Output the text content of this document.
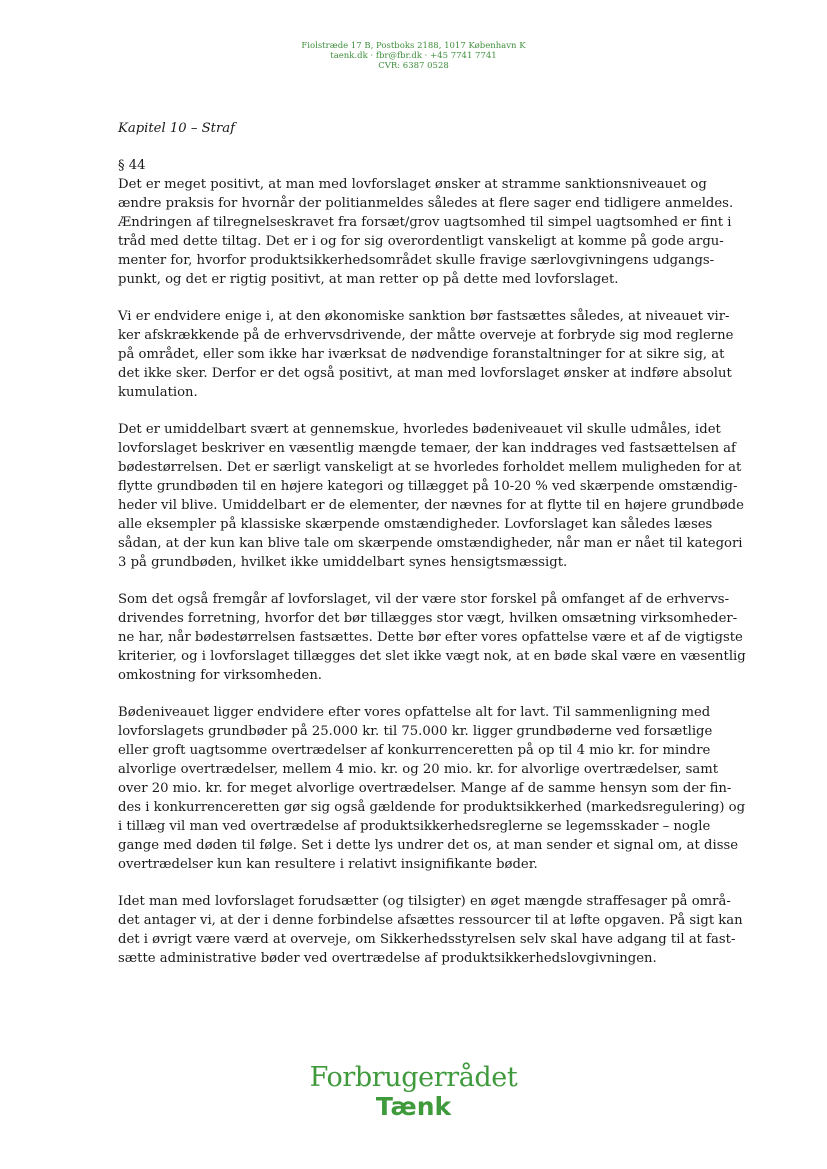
Fiolstræde 17 B, Postboks 2188, 1017 København K
taenk.dk · fbr@fbr.dk · +45 7741 7741
CVR: 6387 0528

Kapitel 10 – Straf

§ 44

Det er meget positivt, at man med lovforslaget ønsker at stramme sanktionsniveauet og
ændre praksis for hvornår der politianmeldes således at flere sager end tidligere anmeldes.
Ændringen af tilregnelseskravet fra forsæt/grov uagtsomhed til simpel uagtsomhed er fint i
tråd med dette tiltag. Det er i og for sig overordentligt vanskeligt at komme på gode argu-
menter for, hvorfor produktsikkerhedsområdet skulle fravige særlovgivningens udgangs-
punkt, og det er rigtig positivt, at man retter op på dette med lovforslaget.

Vi er endvidere enige i, at den økonomiske sanktion bør fastsættes således, at niveauet vir-
ker afskrækkende på de erhvervsdrivende, der måtte overveje at forbryde sig mod reglerne
på området, eller som ikke har iværksat de nødvendige foranstaltninger for at sikre sig, at
det ikke sker. Derfor er det også positivt, at man med lovforslaget ønsker at indføre absolut
kumulation.

Det er umiddelbart svært at gennemskue, hvorledes bødeniveauet vil skulle udmåles, idet
lovforslaget beskriver en væsentlig mængde temaer, der kan inddrages ved fastsættelsen af
bødestørrelsen. Det er særligt vanskeligt at se hvorledes forholdet mellem muligheden for at
flytte grundbøden til en højere kategori og tillægget på 10-20 % ved skærpende omstændig-
heder vil blive. Umiddelbart er de elementer, der nævnes for at flytte til en højere grundbøde
alle eksempler på klassiske skærpende omstændigheder. Lovforslaget kan således læses
sådan, at der kun kan blive tale om skærpende omstændigheder, når man er nået til kategori
3 på grundbøden, hvilket ikke umiddelbart synes hensigtsmæssigt.

Som det også fremgår af lovforslaget, vil der være stor forskel på omfanget af de erhvervs-
drivendes forretning, hvorfor det bør tillægges stor vægt, hvilken omsætning virksomheder-
ne har, når bødestørrelsen fastsættes. Dette bør efter vores opfattelse være et af de vigtigste
kriterier, og i lovforslaget tillægges det slet ikke vægt nok, at en bøde skal være en væsentlig
omkostning for virksomheden.

Bødeniveauet ligger endvidere efter vores opfattelse alt for lavt. Til sammenligning med
lovforslagets grundbøder på 25.000 kr. til 75.000 kr. ligger grundbøderne ved forsætlige
eller groft uagtsomme overtrædelser af konkurrenceretten på op til 4 mio kr. for mindre
alvorlige overtrædelser, mellem 4 mio. kr. og 20 mio. kr. for alvorlige overtrædelser, samt
over 20 mio. kr. for meget alvorlige overtrædelser. Mange af de samme hensyn som der fin-
des i konkurrenceretten gør sig også gældende for produktsikkerhed (markedsregulering) og
i tillæg vil man ved overtrædelse af produktsikkerhedsreglerne se legemsskader – nogle
gange med døden til følge. Set i dette lys undrer det os, at man sender et signal om, at disse
overtrædelser kun kan resultere i relativt insignifikante bøder.

Idet man med lovforslaget forudsætter (og tilsigter) en øget mængde straffesager på områ-
det antager vi, at der i denne forbindelse afsættes ressourcer til at løfte opgaven. På sigt kan
det i øvrigt være værd at overveje, om Sikkerhedsstyrelsen selv skal have adgang til at fast-
sætte administrative bøder ved overtrædelse af produktsikkerhedslovgivningen.

Forbrugerrådet
Tænk
